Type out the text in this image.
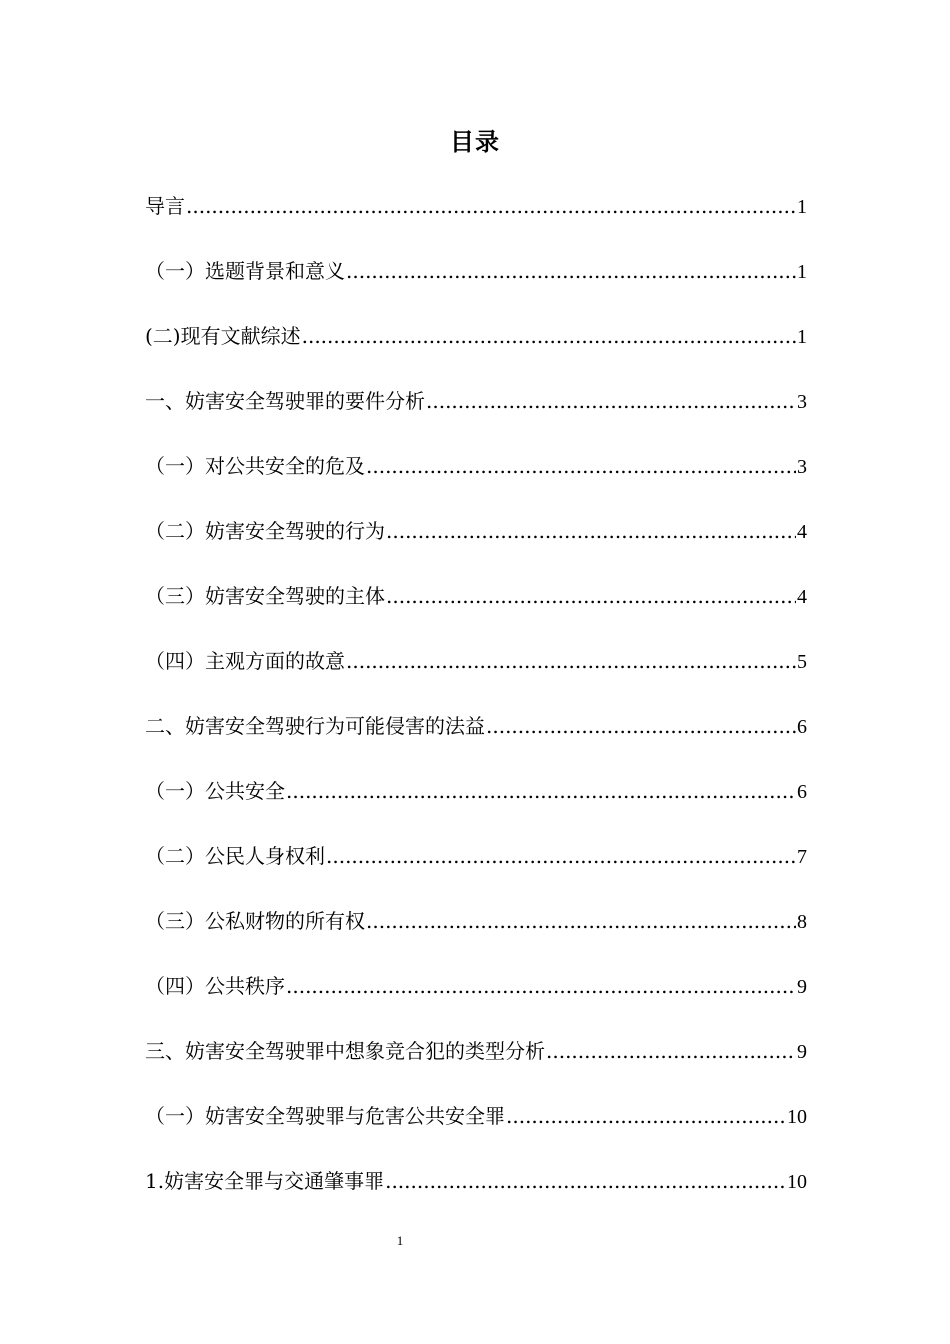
目录
导言 .....	1
（一）选题背景和意义 .....	1
(二)现有文献综述 .....	1
一、妨害安全驾驶罪的要件分析 .....	3
（一）对公共安全的危及 .....	3
（二）妨害安全驾驶的行为 .....	4
（三）妨害安全驾驶的主体 .....	4
（四）主观方面的故意 .....	5
二、妨害安全驾驶行为可能侵害的法益 .....	6
（一）公共安全 .....	6
（二）公民人身权利 .....	7
（三）公私财物的所有权 .....	8
（四）公共秩序 .....	9
三、妨害安全驾驶罪中想象竞合犯的类型分析 .....	9
（一）妨害安全驾驶罪与危害公共安全罪 .....	10
1.妨害安全罪与交通肇事罪 .....	10
1
